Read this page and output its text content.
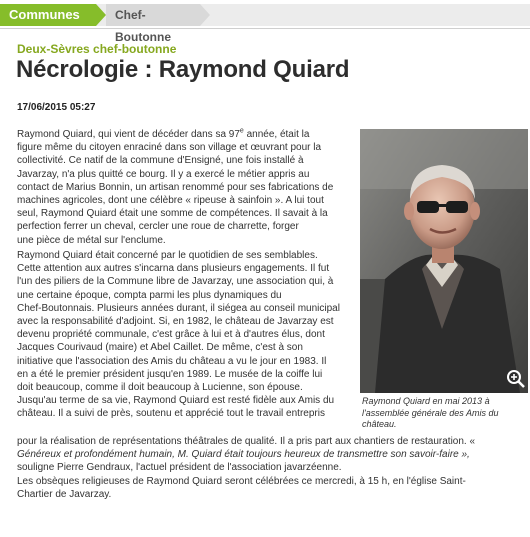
Communes	Chef-Boutonne
Deux-Sèvres chef-boutonne
Nécrologie : Raymond Quiard
17/06/2015 05:27
Raymond Quiard, qui vient de décéder dans sa 97e année, était la
figure même du citoyen enraciné dans son village et œuvrant pour la
collectivité. Ce natif de la commune d'Ensigné, une fois installé à
Javarzay, n'a plus quitté ce bourg. Il y a exercé le métier appris au
contact de Marius Bonnin, un artisan renommé pour ses fabrications de
machines agricoles, dont une célèbre « ripeuse à sainfoin ». A lui tout
seul, Raymond Quiard était une somme de compétences. Il savait à la
perfection ferrer un cheval, cercler une roue de charrette, forger
une pièce de métal sur l'enclume.
Raymond Quiard était concerné par le quotidien de ses semblables.
Cette attention aux autres s'incarna dans plusieurs engagements. Il fut
l'un des piliers de la Commune libre de Javarzay, une association qui, à
une certaine époque, compta parmi les plus dynamiques du
Chef-Boutonnais. Plusieurs années durant, il siégea au conseil municipal
avec la responsabilité d'adjoint. Si, en 1982, le château de Javarzay est
devenu propriété communale, c'est grâce à lui et à d'autres élus, dont
Jacques Courivaud (maire) et Abel Caillet. De même, c'est à son
initiative que l'association des Amis du château a vu le jour en 1983. Il
en a été le premier président jusqu'en 1989. Le musée de la coiffe lui
doit beaucoup, comme il doit beaucoup à Lucienne, son épouse.
Jusqu'au terme de sa vie, Raymond Quiard est resté fidèle aux Amis du
château. Il a suivi de près, soutenu et apprécié tout le travail entrepris
pour la réalisation de représentations théâtrales de qualité. Il a pris part aux chantiers de restauration. «
Généreux et profondément humain, M. Quiard était toujours heureux de transmettre son savoir-faire »,
souligne Pierre Gendraux, l'actuel président de l'association javarzéenne.
Les obsèques religieuses de Raymond Quiard seront célébrées ce mercredi, à 15 h, en l'église Saint-
Chartier de Javarzay.
Raymond Quiard en mai 2013 à l'assemblée générale des Amis du château.
